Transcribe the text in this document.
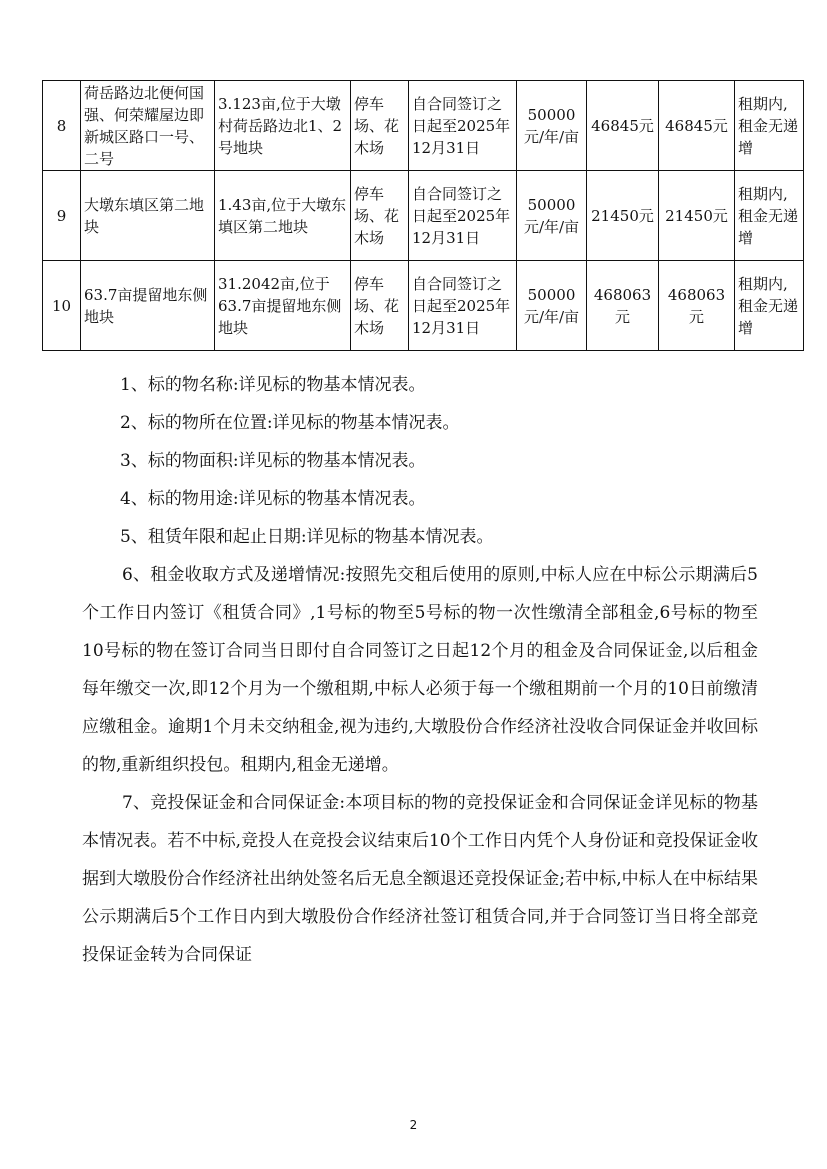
8	荷岳路边北便何国强、何荣耀屋边即新城区路口一号、二号	3.123亩,位于大墩村荷岳路边北1、2号地块	停车场、花木场	自合同签订之日起至2025年12月31日	50000元/年/亩	46845元	46845元	租期内,租金无递增
9	大墩东填区第二地块	1.43亩,位于大墩东填区第二地块	停车场、花木场	自合同签订之日起至2025年12月31日	50000元/年/亩	21450元	21450元	租期内,租金无递增
10	63.7亩提留地东侧地块	31.2042亩,位于63.7亩提留地东侧地块	停车场、花木场	自合同签订之日起至2025年12月31日	50000元/年/亩	468063元	468063元	租期内,租金无递增

1、标的物名称:详见标的物基本情况表。

2、标的物所在位置:详见标的物基本情况表。

3、标的物面积:详见标的物基本情况表。

4、标的物用途:详见标的物基本情况表。

5、租赁年限和起止日期:详见标的物基本情况表。

6、租金收取方式及递增情况:按照先交租后使用的原则,中标人应在中标公示期满后5个工作日内签订《租赁合同》,1号标的物至5号标的物一次性缴清全部租金,6号标的物至10号标的物在签订合同当日即付自合同签订之日起12个月的租金及合同保证金,以后租金每年缴交一次,即12个月为一个缴租期,中标人必须于每一个缴租期前一个月的10日前缴清应缴租金。逾期1个月未交纳租金,视为违约,大墩股份合作经济社没收合同保证金并收回标的物,重新组织投包。租期内,租金无递增。

7、竞投保证金和合同保证金:本项目标的物的竞投保证金和合同保证金详见标的物基本情况表。若不中标,竞投人在竞投会议结束后10个工作日内凭个人身份证和竞投保证金收据到大墩股份合作经济社出纳处签名后无息全额退还竞投保证金;若中标,中标人在中标结果公示期满后5个工作日内到大墩股份合作经济社签订租赁合同,并于合同签订当日将全部竞投保证金转为合同保证

2
